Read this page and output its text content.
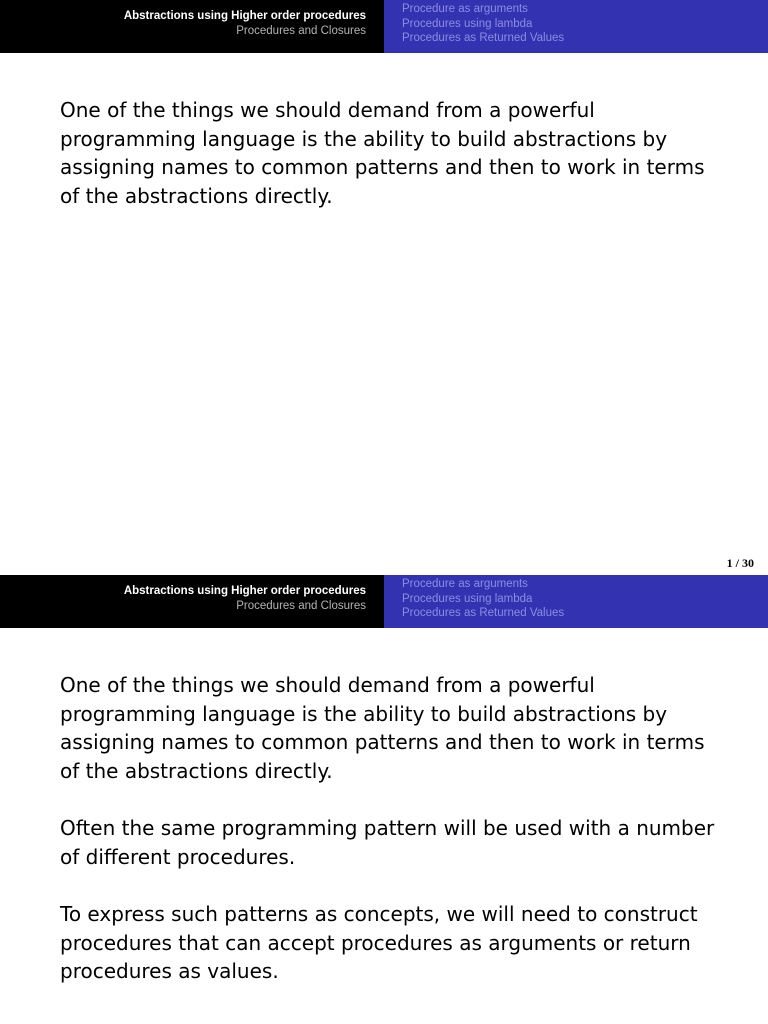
Abstractions using Higher order procedures
Procedures and Closures
Procedure as arguments
Procedures using lambda
Procedures as Returned Values

One of the things we should demand from a powerful programming language is the ability to build abstractions by assigning names to common patterns and then to work in terms of the abstractions directly.

1 / 30
Abstractions using Higher order procedures
Procedures and Closures
Procedure as arguments
Procedures using lambda
Procedures as Returned Values

One of the things we should demand from a powerful programming language is the ability to build abstractions by assigning names to common patterns and then to work in terms of the abstractions directly.

Often the same programming pattern will be used with a number of different procedures.

To express such patterns as concepts, we will need to construct procedures that can accept procedures as arguments or return procedures as values.
